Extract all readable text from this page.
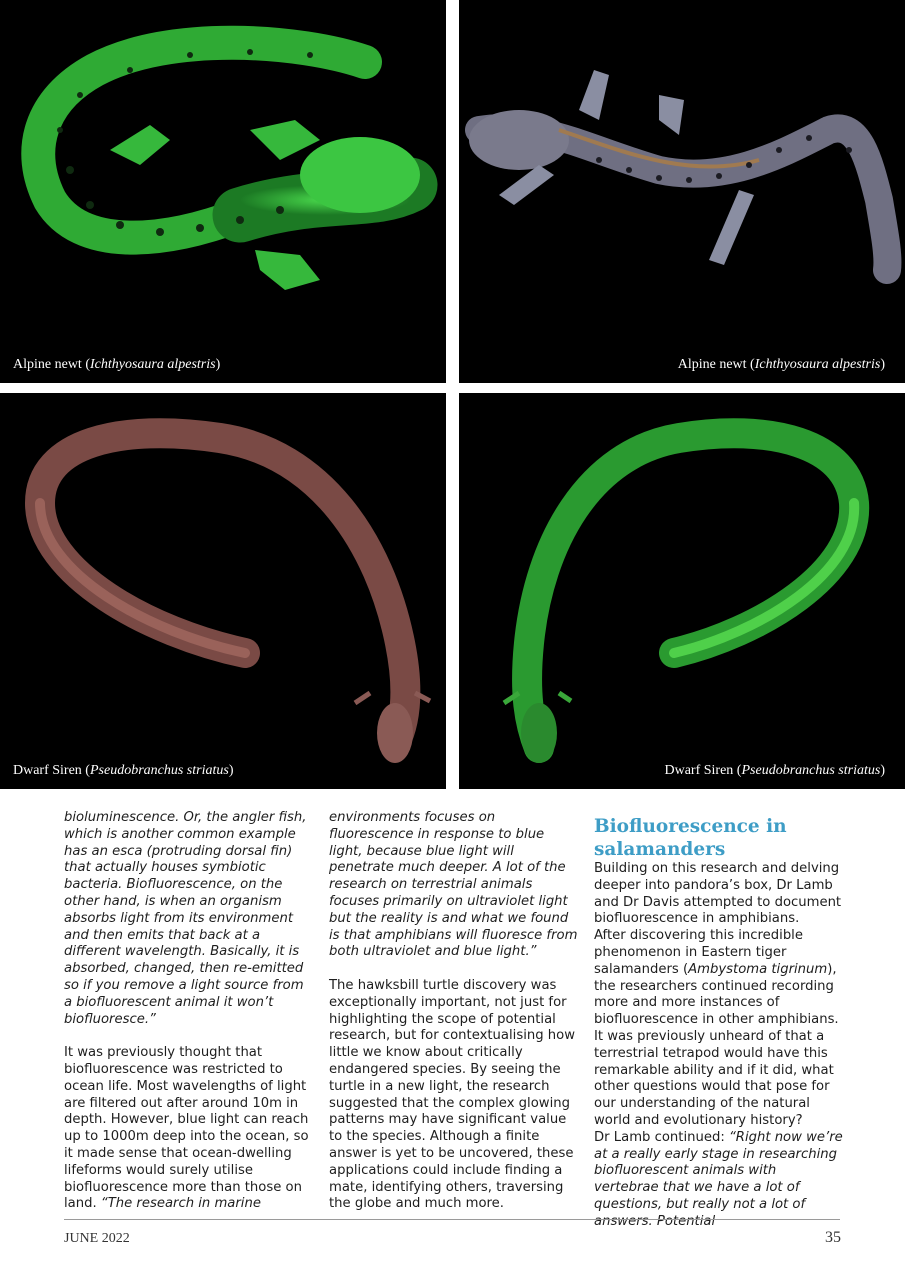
Alpine newt (Ichthyosaura alpestris)	Alpine newt (Ichthyosaura alpestris)
Dwarf Siren (Pseudobranchus striatus)	Dwarf Siren (Pseudobranchus striatus)

bioluminescence. Or, the angler fish, which is another common example has an esca (protruding dorsal fin) that actually houses symbiotic bacteria. Biofluorescence, on the other hand, is when an organism absorbs light from its environment and then emits that back at a different wavelength. Basically, it is absorbed, changed, then re-emitted so if you remove a light source from a biofluorescent animal it won’t biofluoresce.”

It was previously thought that biofluorescence was restricted to ocean life. Most wavelengths of light are filtered out after around 10m in depth. However, blue light can reach up to 1000m deep into the ocean, so it made sense that ocean-dwelling lifeforms would surely utilise biofluorescence more than those on land. “The research in marine

environments focuses on fluorescence in response to blue light, because blue light will penetrate much deeper. A lot of the research on terrestrial animals focuses primarily on ultraviolet light but the reality is and what we found is that amphibians will fluoresce from both ultraviolet and blue light.”

The hawksbill turtle discovery was exceptionally important, not just for highlighting the scope of potential research, but for contextualising how little we know about critically endangered species. By seeing the turtle in a new light, the research suggested that the complex glowing patterns may have significant value to the species. Although a finite answer is yet to be uncovered, these applications could include finding a mate, identifying others, traversing the globe and much more.

Biofluorescence in salamanders

Building on this research and delving deeper into pandora’s box, Dr Lamb and Dr Davis attempted to document biofluorescence in amphibians.

After discovering this incredible phenomenon in Eastern tiger salamanders (Ambystoma tigrinum), the researchers continued recording more and more instances of biofluorescence in other amphibians. It was previously unheard of that a terrestrial tetrapod would have this remarkable ability and if it did, what other questions would that pose for our understanding of the natural world and evolutionary history?

Dr Lamb continued: “Right now we’re at a really early stage in researching biofluorescent animals with vertebrae that we have a lot of questions, but really not a lot of answers. Potential

JUNE 2022	35
